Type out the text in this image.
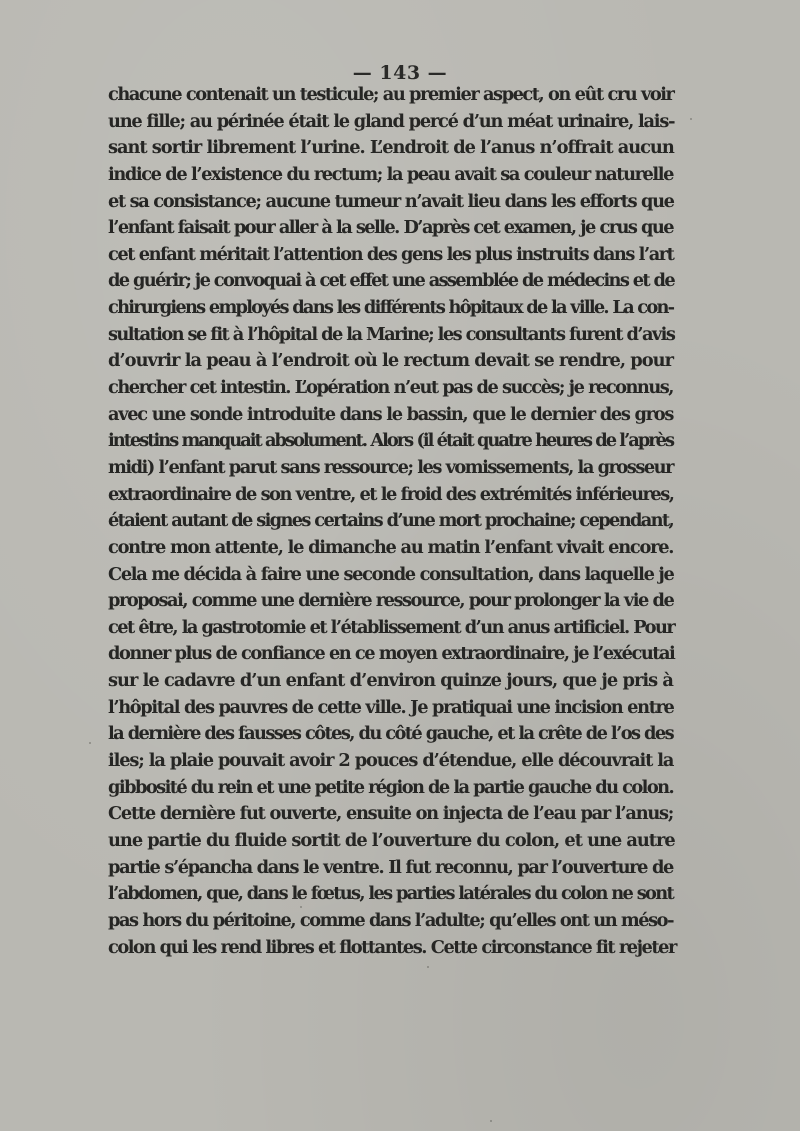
— 143 —
chacune contenait un testicule; au premier aspect, on eût cru voir
une fille; au périnée était le gland percé d’un méat urinaire, lais-
sant sortir librement l’urine. L’endroit de l’anus n’offrait aucun
indice de l’existence du rectum; la peau avait sa couleur naturelle
et sa consistance; aucune tumeur n’avait lieu dans les efforts que
l’enfant faisait pour aller à la selle. D’après cet examen, je crus que
cet enfant méritait l’attention des gens les plus instruits dans l’art
de guérir; je convoquai à cet effet une assemblée de médecins et de
chirurgiens employés dans les différents hôpitaux de la ville. La con-
sultation se fit à l’hôpital de la Marine; les consultants furent d’avis
d’ouvrir la peau à l’endroit où le rectum devait se rendre, pour
chercher cet intestin. L’opération n’eut pas de succès; je reconnus,
avec une sonde introduite dans le bassin, que le dernier des gros
intestins manquait absolument. Alors (il était quatre heures de l’après
midi) l’enfant parut sans ressource; les vomissements, la grosseur
extraordinaire de son ventre, et le froid des extrémités inférieures,
étaient autant de signes certains d’une mort prochaine; cependant,
contre mon attente, le dimanche au matin l’enfant vivait encore.
Cela me décida à faire une seconde consultation, dans laquelle je
proposai, comme une dernière ressource, pour prolonger la vie de
cet être, la gastrotomie et l’établissement d’un anus artificiel. Pour
donner plus de confiance en ce moyen extraordinaire, je l’exécutai
sur le cadavre d’un enfant d’environ quinze jours, que je pris à
l’hôpital des pauvres de cette ville. Je pratiquai une incision entre
la dernière des fausses côtes, du côté gauche, et la crête de l’os des
iles; la plaie pouvait avoir 2 pouces d’étendue, elle découvrait la
gibbosité du rein et une petite région de la partie gauche du colon.
Cette dernière fut ouverte, ensuite on injecta de l’eau par l’anus;
une partie du fluide sortit de l’ouverture du colon, et une autre
partie s’épancha dans le ventre. Il fut reconnu, par l’ouverture de
l’abdomen, que, dans le fœtus, les parties latérales du colon ne sont
pas hors du péritoine, comme dans l’adulte; qu’elles ont un méso-
colon qui les rend libres et flottantes. Cette circonstance fit rejeter
